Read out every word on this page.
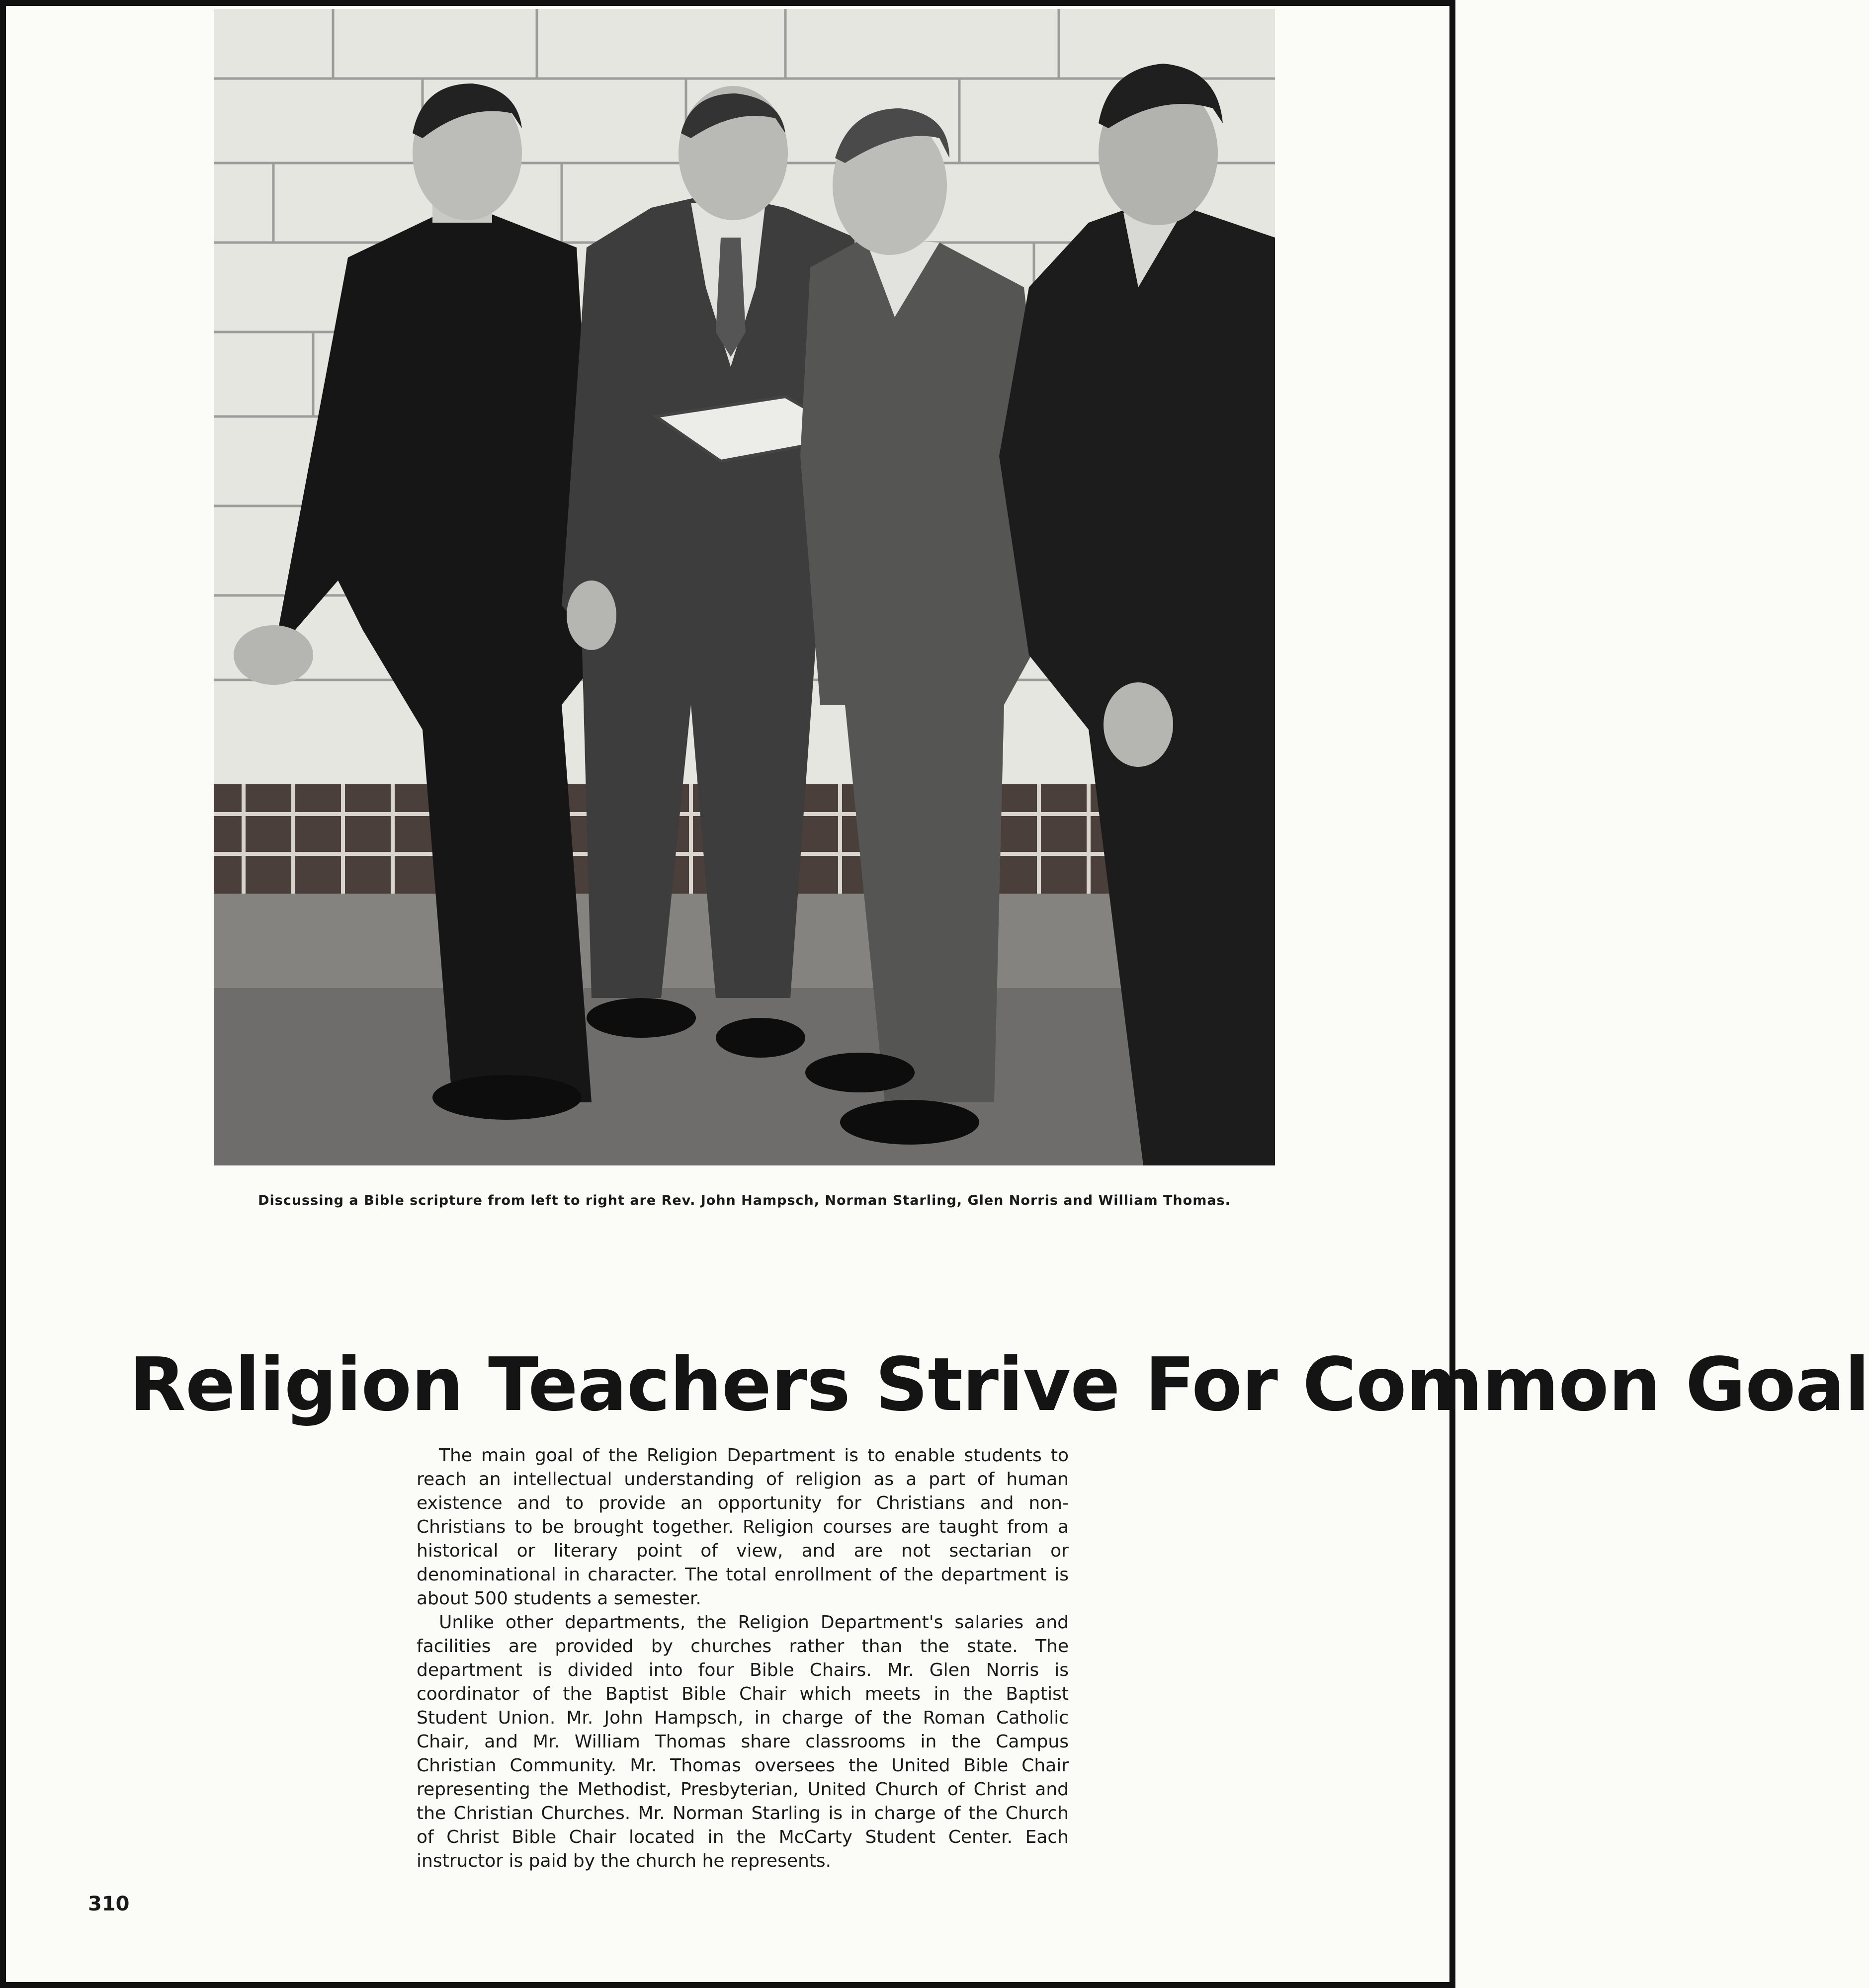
Discussing a Bible scripture from left to right are Rev. John Hampsch, Norman Starling, Glen Norris and William Thomas.
Religion Teachers Strive For Common Goal

The main goal of the Religion Department is to enable students to reach an intellectual understanding of religion as a part of human existence and to provide an opportunity for Christians and non-Christians to be brought together. Religion courses are taught from a historical or literary point of view, and are not sectarian or denominational in character. The total enrollment of the department is about 500 students a semester.

Unlike other departments, the Religion Department's salaries and facilities are provided by churches rather than the state. The department is divided into four Bible Chairs. Mr. Glen Norris is coordinator of the Baptist Bible Chair which meets in the Baptist Student Union. Mr. John Hampsch, in charge of the Roman Catholic Chair, and Mr. William Thomas share classrooms in the Campus Christian Community. Mr. Thomas oversees the United Bible Chair representing the Methodist, Presbyterian, United Church of Christ and the Christian Churches. Mr. Norman Starling is in charge of the Church of Christ Bible Chair located in the McCarty Student Center. Each instructor is paid by the church he represents.

310
